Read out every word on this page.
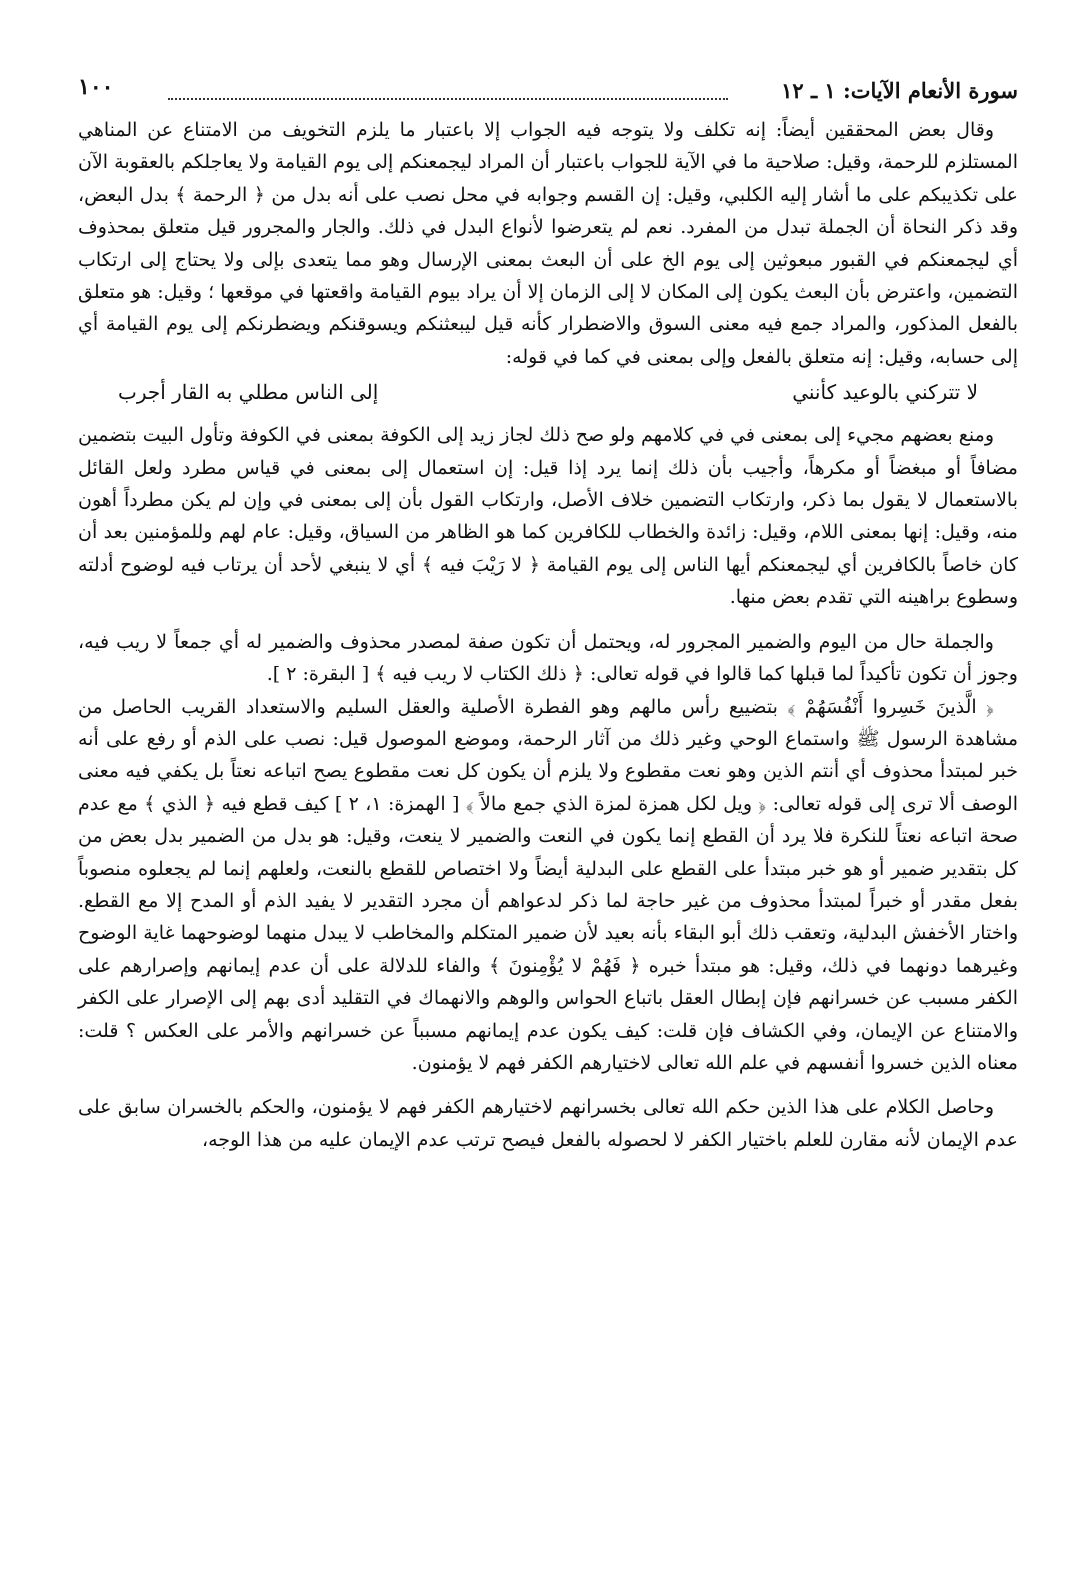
سورة الأنعام الآيات: ١ ـ ١٢
١٠٠

وقال بعض المحققين أيضاً: إنه تكلف ولا يتوجه فيه الجواب إلا باعتبار ما يلزم التخويف من الامتناع عن المناهي المستلزم للرحمة، وقيل: صلاحية ما في الآية للجواب باعتبار أن المراد ليجمعنكم إلى يوم القيامة ولا يعاجلكم بالعقوبة الآن على تكذيبكم على ما أشار إليه الكلبي، وقيل: إن القسم وجوابه في محل نصب على أنه بدل من ﴿ الرحمة ﴾ بدل البعض، وقد ذكر النحاة أن الجملة تبدل من المفرد. نعم لم يتعرضوا لأنواع البدل في ذلك. والجار والمجرور قيل متعلق بمحذوف أي ليجمعنكم في القبور مبعوثين إلى يوم الخ على أن البعث بمعنى الإرسال وهو مما يتعدى بإلى ولا يحتاج إلى ارتكاب التضمين، واعترض بأن البعث يكون إلى المكان لا إلى الزمان إلا أن يراد بيوم القيامة واقعتها في موقعها ؛ وقيل: هو متعلق بالفعل المذكور، والمراد جمع فيه معنى السوق والاضطرار كأنه قيل ليبعثنكم ويسوقنكم ويضطرنكم إلى يوم القيامة أي إلى حسابه، وقيل: إنه متعلق بالفعل وإلى بمعنى في كما في قوله:

لا تتركني بالوعيد كأنني
إلى الناس مطلي به القار أجرب

ومنع بعضهم مجيء إلى بمعنى في في كلامهم ولو صح ذلك لجاز زيد إلى الكوفة بمعنى في الكوفة وتأول البيت بتضمين مضافاً أو مبغضاً أو مكرهاً، وأجيب بأن ذلك إنما يرد إذا قيل: إن استعمال إلى بمعنى في قياس مطرد ولعل القائل بالاستعمال لا يقول بما ذكر، وارتكاب التضمين خلاف الأصل، وارتكاب القول بأن إلى بمعنى في وإن لم يكن مطرداً أهون منه، وقيل: إنها بمعنى اللام، وقيل: زائدة والخطاب للكافرين كما هو الظاهر من السياق، وقيل: عام لهم وللمؤمنين بعد أن كان خاصاً بالكافرين أي ليجمعنكم أيها الناس إلى يوم القيامة ﴿ لا رَيْبَ فيه ﴾ أي لا ينبغي لأحد أن يرتاب فيه لوضوح أدلته وسطوع براهينه التي تقدم بعض منها.

والجملة حال من اليوم والضمير المجرور له، ويحتمل أن تكون صفة لمصدر محذوف والضمير له أي جمعاً لا ريب فيه، وجوز أن تكون تأكيداً لما قبلها كما قالوا في قوله تعالى: ﴿ ذلك الكتاب لا ريب فيه ﴾ [ البقرة: ٢ ].

﴿ الَّذينَ خَسِروا أَنْفُسَهُمْ ﴾ بتضييع رأس مالهم وهو الفطرة الأصلية والعقل السليم والاستعداد القريب الحاصل من مشاهدة الرسول ﷺ واستماع الوحي وغير ذلك من آثار الرحمة، وموضع الموصول قيل: نصب على الذم أو رفع على أنه خبر لمبتدأ محذوف أي أنتم الذين وهو نعت مقطوع ولا يلزم أن يكون كل نعت مقطوع يصح اتباعه نعتاً بل يكفي فيه معنى الوصف ألا ترى إلى قوله تعالى: ﴿ ويل لكل همزة لمزة الذي جمع مالاً ﴾ [ الهمزة: ١، ٢ ] كيف قطع فيه ﴿ الذي ﴾ مع عدم صحة اتباعه نعتاً للنكرة فلا يرد أن القطع إنما يكون في النعت والضمير لا ينعت، وقيل: هو بدل من الضمير بدل بعض من كل بتقدير ضمير أو هو خبر مبتدأ على القطع على البدلية أيضاً ولا اختصاص للقطع بالنعت، ولعلهم إنما لم يجعلوه منصوباً بفعل مقدر أو خبراً لمبتدأ محذوف من غير حاجة لما ذكر لدعواهم أن مجرد التقدير لا يفيد الذم أو المدح إلا مع القطع. واختار الأخفش البدلية، وتعقب ذلك أبو البقاء بأنه بعيد لأن ضمير المتكلم والمخاطب لا يبدل منهما لوضوحهما غاية الوضوح وغيرهما دونهما في ذلك، وقيل: هو مبتدأ خبره ﴿ فَهُمْ لا يُؤْمِنونَ ﴾ والفاء للدلالة على أن عدم إيمانهم وإصرارهم على الكفر مسبب عن خسرانهم فإن إبطال العقل باتباع الحواس والوهم والانهماك في التقليد أدى بهم إلى الإصرار على الكفر والامتناع عن الإيمان، وفي الكشاف فإن قلت: كيف يكون عدم إيمانهم مسبباً عن خسرانهم والأمر على العكس ؟ قلت: معناه الذين خسروا أنفسهم في علم الله تعالى لاختيارهم الكفر فهم لا يؤمنون.

وحاصل الكلام على هذا الذين حكم الله تعالى بخسرانهم لاختيارهم الكفر فهم لا يؤمنون، والحكم بالخسران سابق على عدم الإيمان لأنه مقارن للعلم باختيار الكفر لا لحصوله بالفعل فيصح ترتب عدم الإيمان عليه من هذا الوجه،
